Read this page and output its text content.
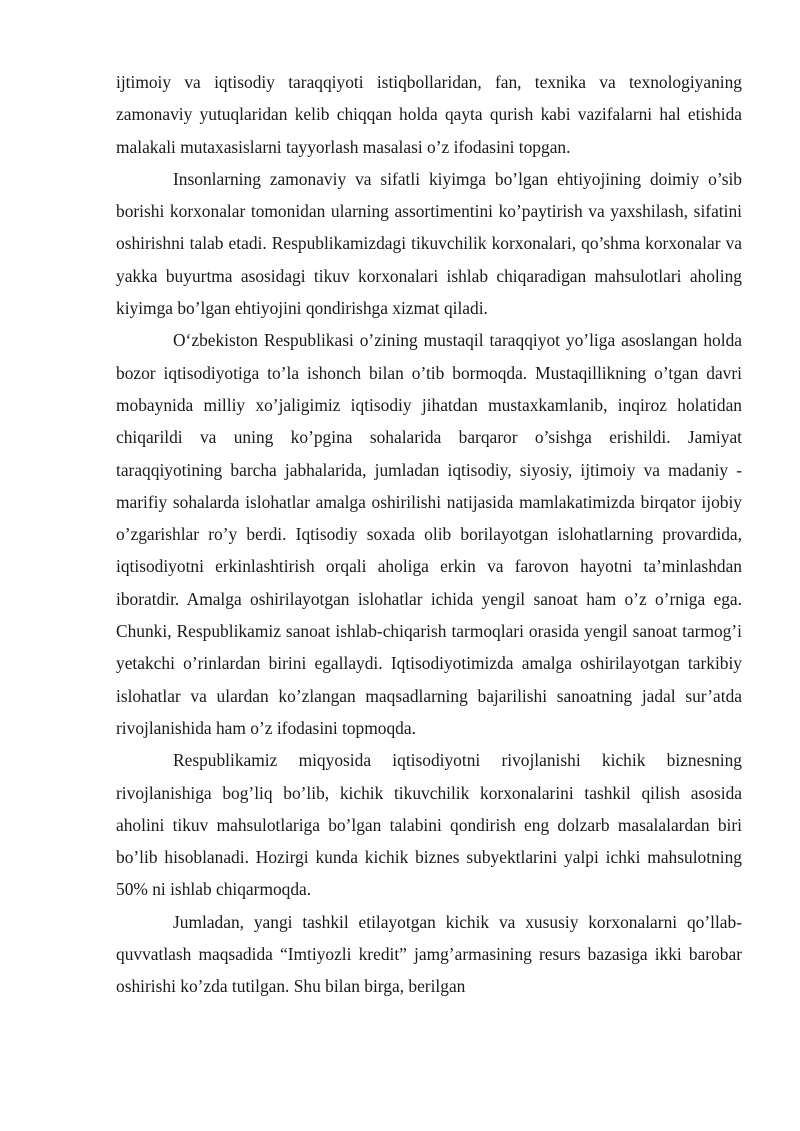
ijtimoiy va iqtisodiy taraqqiyoti istiqbollaridan, fan, texnika va texnologiyaning zamonaviy yutuqlaridan kelib chiqqan holda qayta qurish kabi vazifalarni hal etishida malakali mutaxasislarni tayyorlash masalasi o’z ifodasini topgan.

Insonlarning zamonaviy va sifatli kiyimga bo’lgan ehtiyojining doimiy o’sib borishi korxonalar tomonidan ularning assortimentini ko’paytirish va yaxshilash, sifatini oshirishni talab etadi. Respublikamizdagi tikuvchilik korxonalari, qo’shma korxonalar va yakka buyurtma asosidagi tikuv korxonalari ishlab chiqaradigan mahsulotlari aholing kiyimga bo’lgan ehtiyojini qondirishga xizmat qiladi.

O‘zbekiston Respublikasi o’zining mustaqil taraqqiyot yo’liga asoslangan holda bozor iqtisodiyotiga to’la ishonch bilan o’tib bormoqda. Mustaqillikning o’tgan davri mobaynida milliy xo’jaligimiz iqtisodiy jihatdan mustaxkamlanib, inqiroz holatidan chiqarildi va uning ko’pgina sohalarida barqaror o’sishga erishildi. Jamiyat taraqqiyotining barcha jabhalarida, jumladan iqtisodiy, siyosiy, ijtimoiy va madaniy -marifiy sohalarda islohatlar amalga oshirilishi natijasida mamlakatimizda birqator ijobiy o’zgarishlar ro’y berdi. Iqtisodiy soxada olib borilayotgan islohatlarning provardida, iqtisodiyotni erkinlashtirish orqali aholiga erkin va farovon hayotni ta’minlashdan iboratdir. Amalga oshirilayotgan islohatlar ichida yengil sanoat ham o’z o’rniga ega. Chunki, Respublikamiz sanoat ishlab-chiqarish tarmoqlari orasida yengil sanoat tarmog’i yetakchi o’rinlardan birini egallaydi. Iqtisodiyotimizda amalga oshirilayotgan tarkibiy islohatlar va ulardan ko’zlangan maqsadlarning bajarilishi sanoatning jadal sur’atda rivojlanishida ham o’z ifodasini topmoqda.

Respublikamiz miqyosida iqtisodiyotni rivojlanishi kichik biznesning rivojlanishiga bog’liq bo’lib, kichik tikuvchilik korxonalarini tashkil qilish asosida aholini tikuv mahsulotlariga bo’lgan talabini qondirish eng dolzarb masalalardan biri bo’lib hisoblanadi. Hozirgi kunda kichik biznes subyektlarini yalpi ichki mahsulotning 50% ni ishlab chiqarmoqda.

Jumladan, yangi tashkil etilayotgan kichik va xususiy korxonalarni qo’llab-quvvatlash maqsadida “Imtiyozli kredit” jamg’armasining resurs bazasiga ikki barobar oshirishi ko’zda tutilgan. Shu bilan birga, berilgan
